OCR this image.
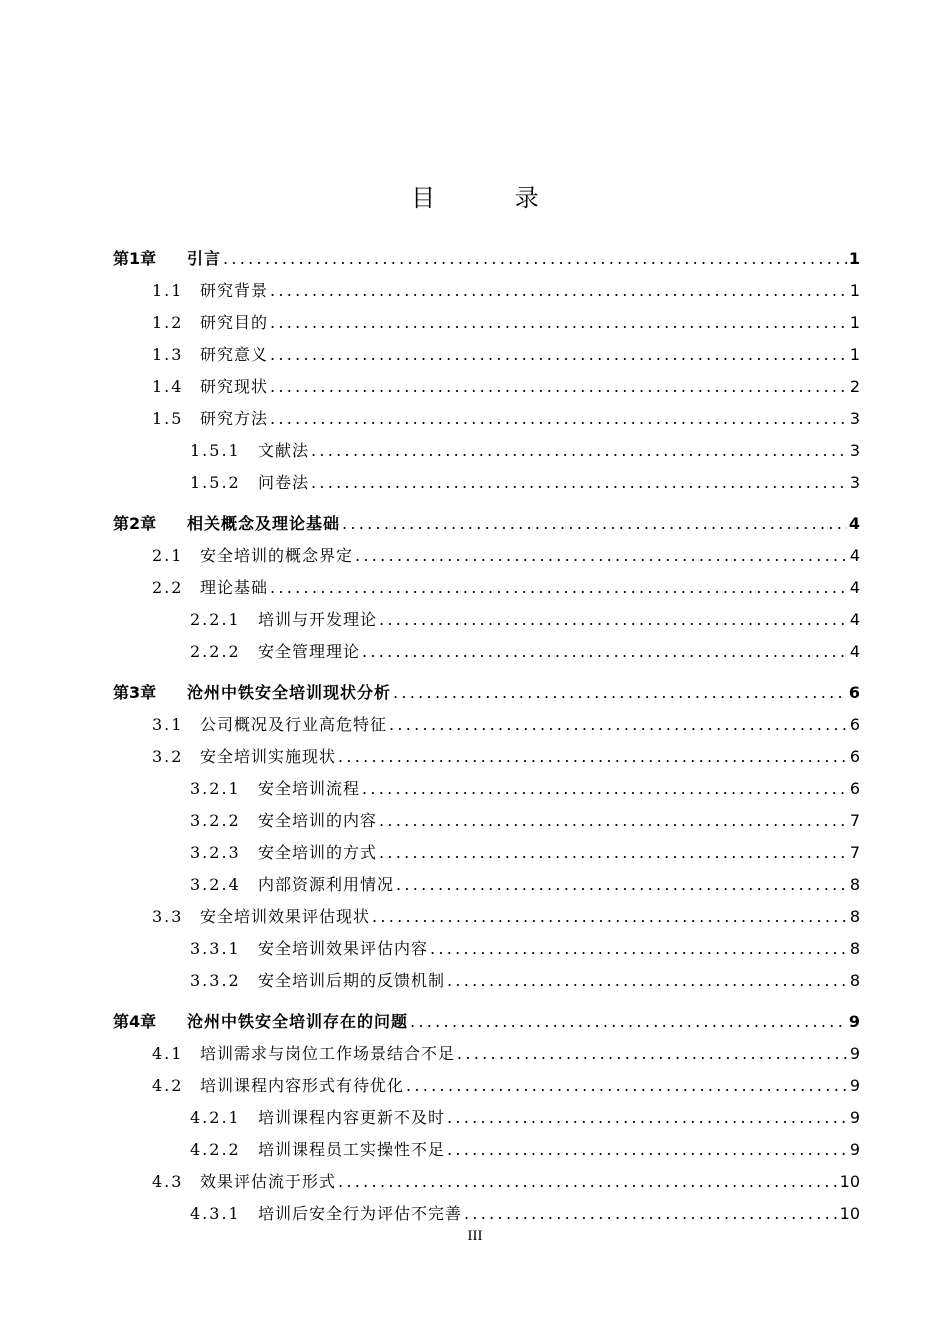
目 录
第1章	引言 .....	1
1.1	研究背景 .....	1
1.2	研究目的 .....	1
1.3	研究意义 .....	1
1.4	研究现状 .....	2
1.5	研究方法 .....	3
1.5.1	文献法 .....	3
1.5.2	问卷法 .....	3
第2章	相关概念及理论基础 .....	4
2.1	安全培训的概念界定 .....	4
2.2	理论基础 .....	4
2.2.1	培训与开发理论 .....	4
2.2.2	安全管理理论 .....	4
第3章	沧州中铁安全培训现状分析 .....	6
3.1	公司概况及行业高危特征 .....	6
3.2	安全培训实施现状 .....	6
3.2.1	安全培训流程 .....	6
3.2.2	安全培训的内容 .....	7
3.2.3	安全培训的方式 .....	7
3.2.4	内部资源利用情况 .....	8
3.3	安全培训效果评估现状 .....	8
3.3.1	安全培训效果评估内容 .....	8
3.3.2	安全培训后期的反馈机制 .....	8
第4章	沧州中铁安全培训存在的问题 .....	9
4.1	培训需求与岗位工作场景结合不足 .....	9
4.2	培训课程内容形式有待优化 .....	9
4.2.1	培训课程内容更新不及时 .....	9
4.2.2	培训课程员工实操性不足 .....	9
4.3	效果评估流于形式 .....	10
4.3.1	培训后安全行为评估不完善 .....	10
III
